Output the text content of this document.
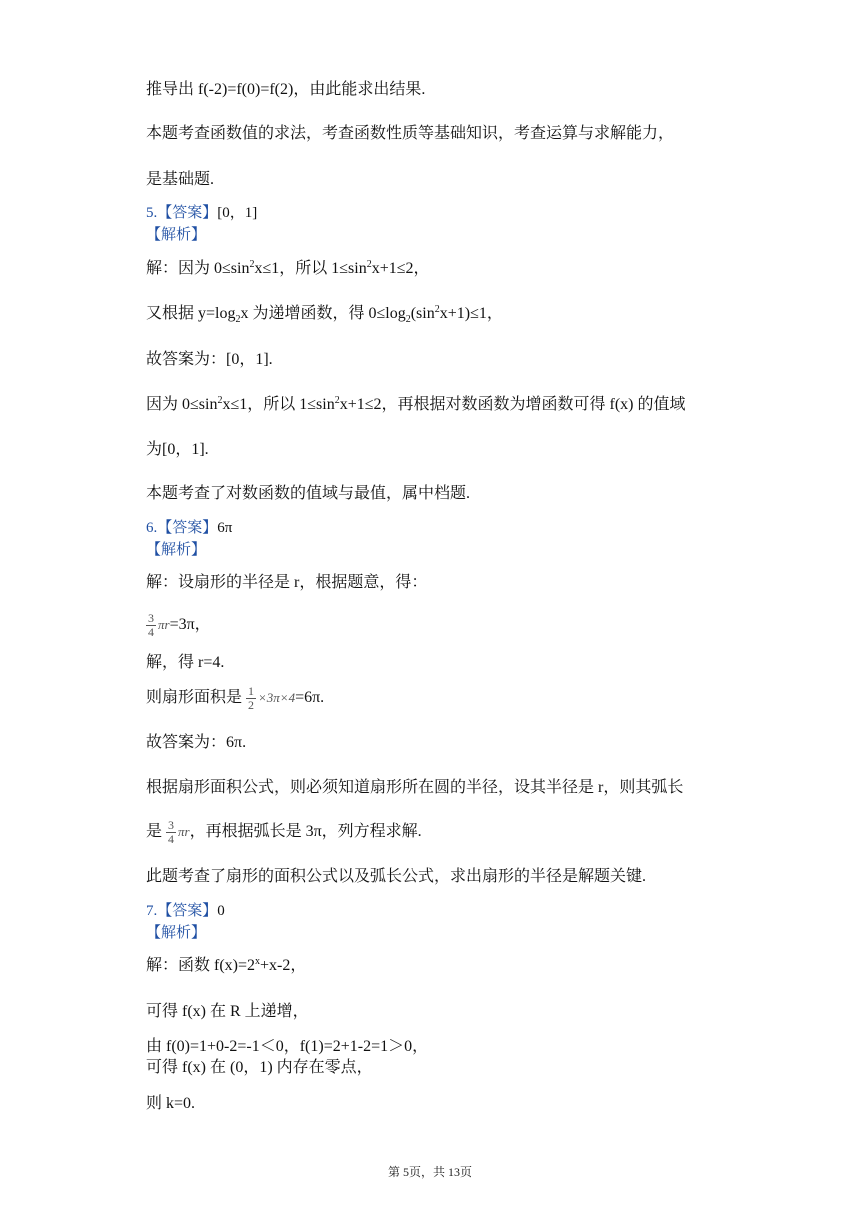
推导出 f(-2)=f(0)=f(2)，由此能求出结果.
本题考查函数值的求法，考查函数性质等基础知识，考查运算与求解能力，
是基础题.
5.【答案】[0，1]
【解析】
解：因为 $0\le\sin^2x\le 1$，所以 $1\le\sin^2x+1\le 2$，
又根据 $y=\log_2x$ 为递增函数，得 $0\le\log_2(\sin^2x+1)\le 1$，
故答案为：[0，1].
因为 $0\le\sin^2x\le 1$，所以 $1\le\sin^2x+1\le 2$，再根据对数函数为增函数可得 f(x) 的值域
为[0，1].
本题考查了对数函数的值域与最值，属中档题.
6.【答案】6π
【解析】
解：设扇形的半径是 r，根据题意，得：
$\frac{3}{4} \pi r=3\pi$，
解，得 r=4.
则扇形面积是 $\frac{1}{2} \times 3\pi\times 4=6\pi$.
故答案为：6π.
根据扇形面积公式，则必须知道扇形所在圆的半径，设其半径是 r，则其弧长
是 $\frac{3}{4}$ πr，再根据弧长是 3π，列方程求解.
此题考查了扇形的面积公式以及弧长公式，求出扇形的半径是解题关键.
7.【答案】0
【解析】
解：函数 $f(x)=2^x+x-2$，
可得 f(x) 在 R 上递增，
由 f(0)=1+0-2=-1＜0，f(1)=2+1-2=1＞0，
可得 f(x) 在 (0，1) 内存在零点，
则 k=0.
第 5页，共 13页
